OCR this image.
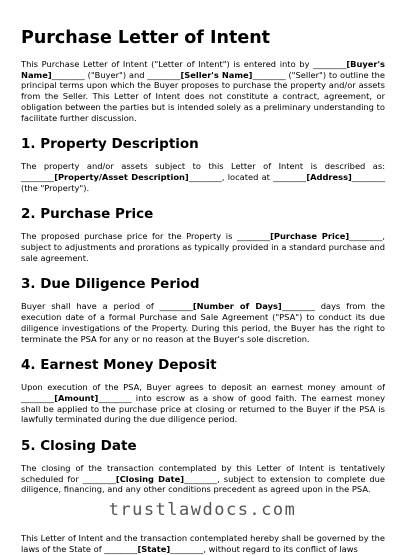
Purchase Letter of Intent

This Purchase Letter of Intent ("Letter of Intent") is entered into by ________[Buyer's Name]________ ("Buyer") and ________[Seller's Name]________ ("Seller") to outline the principal terms upon which the Buyer proposes to purchase the property and/or assets from the Seller. This Letter of Intent does not constitute a contract, agreement, or obligation between the parties but is intended solely as a preliminary understanding to facilitate further discussion.

1. Property Description

The property and/or assets subject to this Letter of Intent is described as: ________[Property/Asset Description]________, located at ________[Address]________ (the "Property").

2. Purchase Price

The proposed purchase price for the Property is ________[Purchase Price]________, subject to adjustments and prorations as typically provided in a standard purchase and sale agreement.

3. Due Diligence Period

Buyer shall have a period of ________[Number of Days]________ days from the execution date of a formal Purchase and Sale Agreement ("PSA") to conduct its due diligence investigations of the Property. During this period, the Buyer has the right to terminate the PSA for any or no reason at the Buyer's sole discretion.

4. Earnest Money Deposit

Upon execution of the PSA, Buyer agrees to deposit an earnest money amount of ________[Amount]________ into escrow as a show of good faith. The earnest money shall be applied to the purchase price at closing or returned to the Buyer if the PSA is lawfully terminated during the due diligence period.

5. Closing Date

The closing of the transaction contemplated by this Letter of Intent is tentatively scheduled for ________[Closing Date]________, subject to extension to complete due diligence, financing, and any other conditions precedent as agreed upon in the PSA.

This Letter of Intent and the transaction contemplated hereby shall be governed by the laws of the State of ________[State]________, without regard to its conflict of laws

trustlawdocs.com
